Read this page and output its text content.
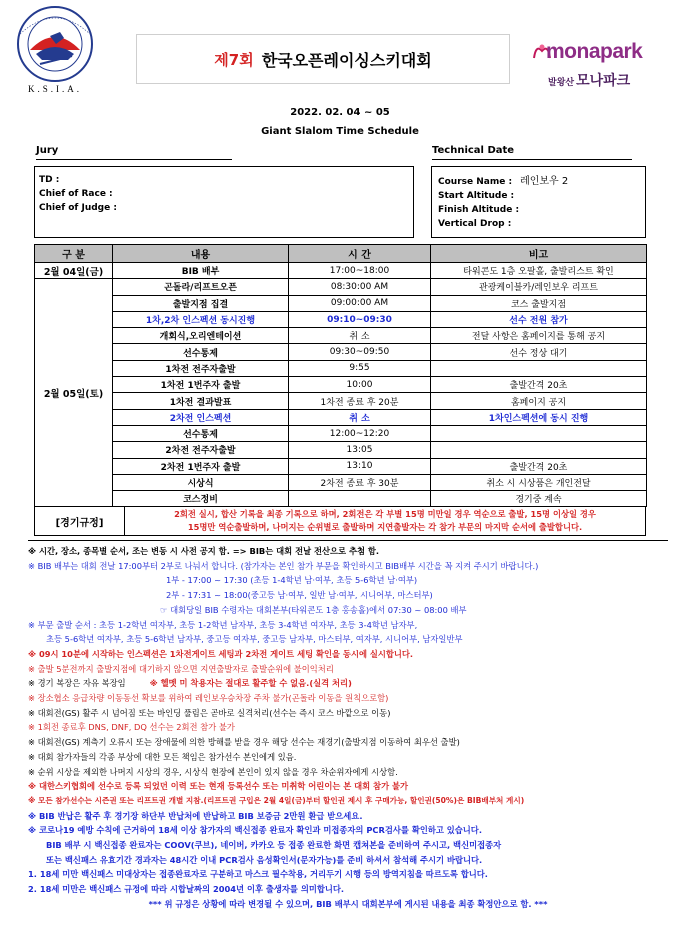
K.S.I.A.
제7회 한국오픈레이싱스키대회	monapark
발왕산 모나파크
2022. 02. 04 ~ 05
Giant Slalom Time Schedule
Jury	Technical Date
TD :
Chief of Race :
Chief of Judge :
Course Name : 레인보우 2
Start Altitude :
Finish Altitude :
Vertical Drop :
구 분	내용	시 간	비고
2월 04일(금)	BIB 배부	17:00~18:00	타워콘도 1층 오팔홀, 출발리스트 확인
2월 05일(토)	곤돌라/리프트오픈	08:30:00 AM	관광케이블카/레인보우 리프트
	출발지점 집결	09:00:00 AM	코스 출발지점
	1차,2차 인스펙션 동시진행	09:10~09:30	선수 전원 참가
	개회식,오리엔테이션	취 소	전달 사항은 홈페이지를 통해 공지
	선수통제	09:30~09:50	선수 정상 대기
	1차전 전주자출발	9:55	
	1차전 1번주자 출발	10:00	출발간격 20초
	1차전 결과발표	1차전 종료 후 20분	홈페이지 공지
	2차전 인스펙션	취 소	1차인스펙션에 동시 진행
	선수통제	12:00~12:20	
	2차전 전주자출발	13:05	
	2차전 1번주자 출발	13:10	출발간격 20초
	시상식	2차전 종료 후 30분	취소 시 시상품은 개인전달
	코스정비		경기중 계속
[경기규정]
2회전 실시, 합산 기록을 최종 기록으로 하며, 2회전은 각 부별 15명 미만일 경우 역순으로 출발, 15명 이상일 경우
15명만 역순출발하며, 나머지는 순위별로 출발하며 지연출발자는 각 참가 부문의 마지막 순서에 출발합니다.
※ 시간, 장소, 종목별 순서, 조는 변동 시 사전 공지 함. => BIB는 대회 전날 전산으로 추첨 함.
※ BIB 배부는 대회 전날 17:00부터 2부로 나눠서 합니다. (참가자는 본인 참가 부문을 확인하시고 BIB배부 시간을 꼭 지켜 주시기 바랍니다.)
1부 - 17:00 ~ 17:30 (초등 1-4학년 남·여부, 초등 5-6학년 남·여부)
2부 - 17:31 ~ 18:00(중고등 남·여부, 일반 남·여부, 시니어부, 마스터부)
☞ 대회당일 BIB 수령자는 대회본부(타워콘도 1층 홍송홀)에서 07:30 ~ 08:00 배부
※ 부문 출발 순서 : 초등 1-2학년 여자부, 초등 1-2학년 남자부, 초등 3-4학년 여자부, 초등 3-4학년 남자부,
초등 5-6학년 여자부, 초등 5-6학년 남자부, 중고등 여자부, 중고등 남자부, 마스터부, 여자부, 시니어부, 남자일반부
※ 09시 10분에 시작하는 인스펙션은 1차전게이트 세팅과 2차전 게이트 세팅 확인을 동시에 실시합니다.
※ 출발 5분전까지 출발지점에 대기하지 않으면 지연출발자로 출발순위에 불이익처리
※ 경기 복장은 자유 복장임	※ 헬멧 미 착용자는 절대로 활주할 수 없음.(실격 처리)
※ 장소협소 응급차량 이동동선 확보를 위하여 레인보우승차장 주차 불가(곤돌라 이동을 원칙으로함)
※ 대회전(GS) 활주 시 넘어짐 또는 바인딩 풀림은 곧바로 실격처리(선수는 즉시 코스 바깥으로 이동)
※ 1회전 종료후 DNS, DNF, DQ 선수는 2회전 참가 불가
※ 대회전(GS) 계측기 오류시 또는 장애물에 의한 방해를 받을 경우 해당 선수는 재경기(출발지점 이동하여 최우선 출발)
※ 대회 참가자들의 각종 부상에 대한 모든 책임은 참가선수 본인에게 있음.
※ 순위 시상을 제외한 나머지 시상의 경우, 시상식 현장에 본인이 있지 않을 경우 차순위자에게 시상함.
※ 대한스키협회에 선수로 등록 되었던 이력 또는 현재 등록선수 또는 미취학 어린이는 본 대회 참가 불가
※ 모든 참가선수는 시즌권 또는 리프트권 개별 지참.(리프트권 구입은 2월 4일(금)부터 할인권 제시 후 구매가능, 할인권(50%)은 BIB배부처 게시)
※ BIB 반납은 활주 후 경기장 하단부 반납처에 반납하고 BIB 보증금 2만원 환급 받으세요.
※ 코로나19 예방 수칙에 근거하여 18세 이상 참가자의 백신접종 완료자 확인과 미접종자의 PCR검사를 확인하고 있습니다.
BIB 배부 시 백신접종 완료자는 COOV(쿠브), 네이버, 카카오 등 접종 완료한 화면 캡쳐본을 준비하여 주시고, 백신미접종자
또는 백신패스 유효기간 경과자는 48시간 이내 PCR검사 음성확인서(문자가능)를 준비 하셔서 참석해 주시기 바랍니다.
1. 18세 미만 백신패스 미대상자는 접종완료자로 구분하고 마스크 필수착용, 거리두기 시행 등의 방역지침을 따르도록 합니다.
2. 18세 미만은 백신패스 규정에 따라 시합날짜의 2004년 이후 출생자를 의미합니다.
*** 위 규정은 상황에 따라 변경될 수 있으며, BIB 배부시 대회본부에 게시된 내용을 최종 확정안으로 함. ***
